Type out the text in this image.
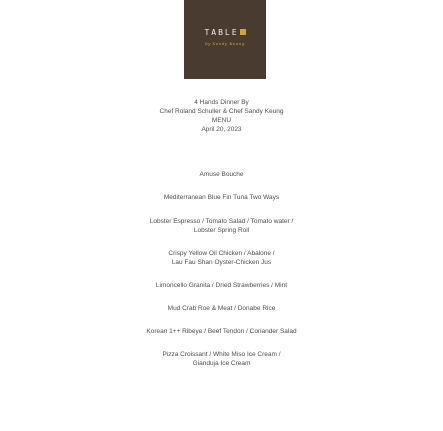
TABLE
by Sandy Keung
4 Hands Dinner By
Chef Roland Schuller & Chef Sandy Keung
MENU
April 20, 2023
Amuse Bouche
Mediterranean Blue Fin Tuna Two Ways
Lobster Espresso / Tomato Salad / Tomato water /
Lobster Spring Roll
Crispy Yellow Oil Chicken / Abalone /
Lau Fau Shan Oyster-Chicken Jus
Limoncello Granita / Dried Strawberries / Mint
Mud Crab Roe & Meat / Donabe Rice
Korean 1++ Ribeye / Beef Tendon / Coriander Salad
Pizza Croissant / White Miso Ice Cream /
Gianduja Ice Cream
